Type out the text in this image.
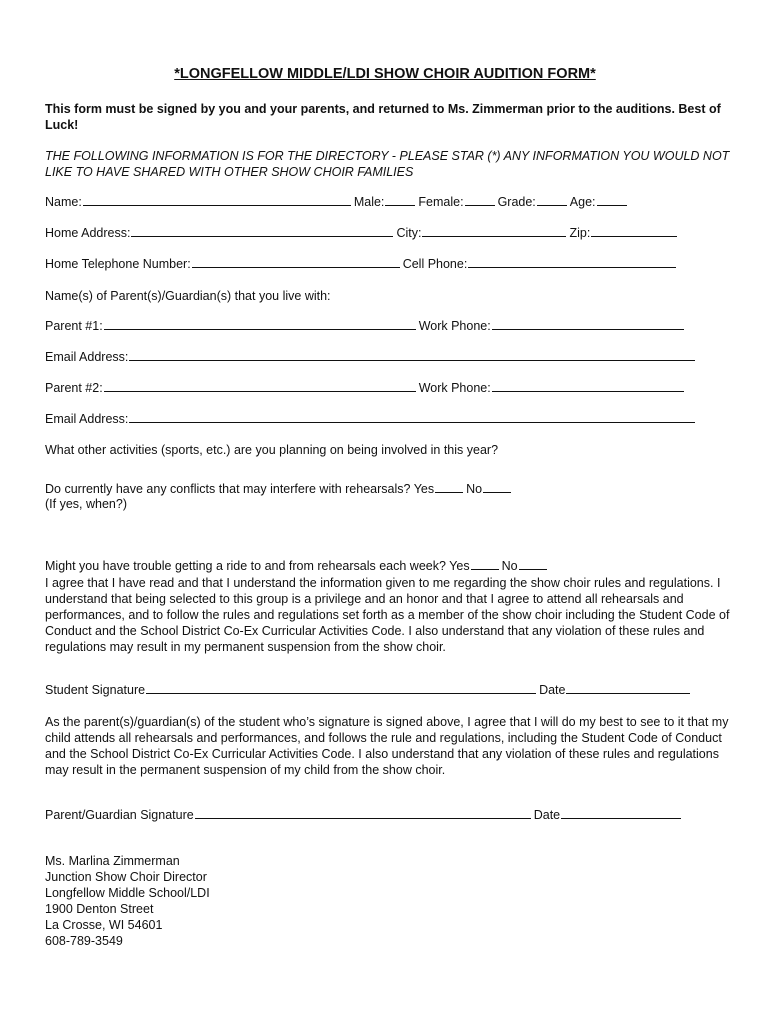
*LONGFELLOW MIDDLE/LDI SHOW CHOIR AUDITION FORM*
This form must be signed by you and your parents, and returned to Ms. Zimmerman prior to the auditions. Best of Luck!
THE FOLLOWING INFORMATION IS FOR THE DIRECTORY - PLEASE STAR (*) ANY INFORMATION YOU WOULD NOT LIKE TO HAVE SHARED WITH OTHER SHOW CHOIR FAMILIES
Name:	Male:	Female:	Grade:	Age:
Home Address:	City:	Zip:
Home Telephone Number:	Cell Phone:
Name(s) of Parent(s)/Guardian(s) that you live with:
Parent #1:	Work Phone:
Email Address:
Parent #2:	Work Phone:
Email Address:
What other activities (sports, etc.) are you planning on being involved in this year?
Do currently have any conflicts that may interfere with rehearsals? Yes	No
(If yes, when?)
Might you have trouble getting a ride to and from rehearsals each week? Yes	No
I agree that I have read and that I understand the information given to me regarding the show choir rules and regulations. I understand that being selected to this group is a privilege and an honor and that I agree to attend all rehearsals and performances, and to follow the rules and regulations set forth as a member of the show choir including the Student Code of Conduct and the School District Co-Ex Curricular Activities Code. I also understand that any violation of these rules and regulations may result in my permanent suspension from the show choir.
Student Signature	Date
As the parent(s)/guardian(s) of the student who’s signature is signed above, I agree that I will do my best to see to it that my child attends all rehearsals and performances, and follows the rule and regulations, including the Student Code of Conduct and the School District Co-Ex Curricular Activities Code. I also understand that any violation of these rules and regulations may result in the permanent suspension of my child from the show choir.
Parent/Guardian Signature	Date
Ms. Marlina Zimmerman
Junction Show Choir Director
Longfellow Middle School/LDI
1900 Denton Street
La Crosse, WI 54601
608-789-3549
